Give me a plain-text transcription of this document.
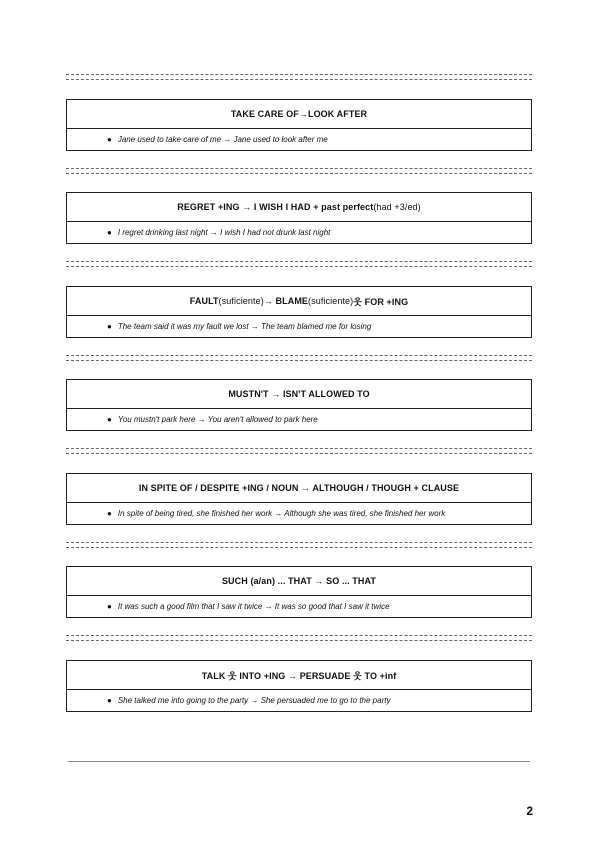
TAKE CARE OF → LOOK AFTER
● Jane used to take care of me → Jane used to look after me
REGRET +ING → I WISH I HAD + past perfect (had +3/ed)
● I regret drinking last night → I wish I had not drunk last night
FAULT (suficiente) → BLAME (suficiente) 웃 FOR +ING
● The team said it was my fault we lost → The team blamed me for losing
MUSTN'T → ISN'T ALLOWED TO
● You mustn't park here → You aren't allowed to park here
IN SPITE OF / DESPITE +ING / NOUN → ALTHOUGH / THOUGH + CLAUSE
● In spite of being tired, she finished her work → Although she was tired, she finished her work
SUCH (a/an) ... THAT → SO ... THAT
● It was such a good film that I saw it twice → It was so good that I saw it twice
TALK 웃 INTO +ING → PERSUADE 웃 TO +inf
● She talked me into going to the party → She persuaded me to go to the party
2
